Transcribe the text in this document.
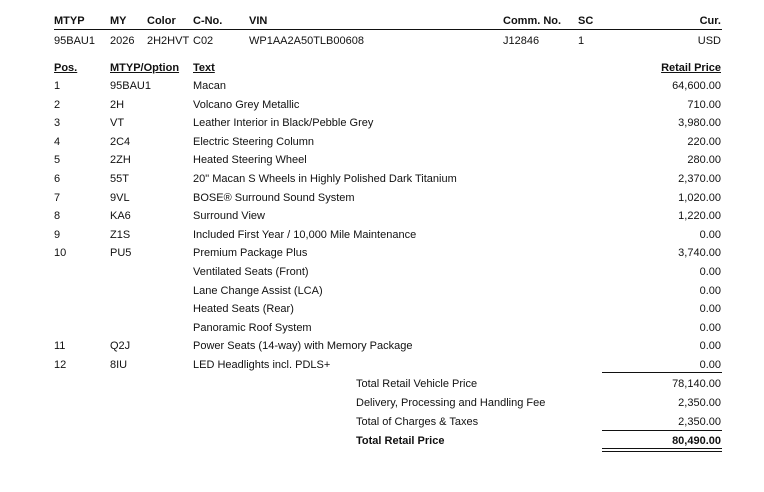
MTYP MY Color C-No. VIN	Comm. No. SC	Cur.
95BAU1 2026 2H2HVT C02	WP1AA2A50TLB00608	J12846	1	USD
Pos.	MTYP/Option Text	Retail Price
1	95BAU1	Macan	64,600.00
2	2H	Volcano Grey Metallic	710.00
3	VT	Leather Interior in Black/Pebble Grey	3,980.00
4	2C4	Electric Steering Column	220.00
5	2ZH	Heated Steering Wheel	280.00
6	55T	20" Macan S Wheels in Highly Polished Dark Titanium	2,370.00
7	9VL	BOSE® Surround Sound System	1,020.00
8	KA6	Surround View	1,220.00
9	Z1S	Included First Year / 10,000 Mile Maintenance	0.00
10	PU5	Premium Package Plus	3,740.00
Ventilated Seats (Front)	0.00
Lane Change Assist (LCA)	0.00
Heated Seats (Rear)	0.00
Panoramic Roof System	0.00
11	Q2J	Power Seats (14-way) with Memory Package	0.00
12	8IU	LED Headlights incl. PDLS+	0.00
Total Retail Vehicle Price	78,140.00
Delivery, Processing and Handling Fee	2,350.00
Total of Charges & Taxes	2,350.00
Total Retail Price	80,490.00
